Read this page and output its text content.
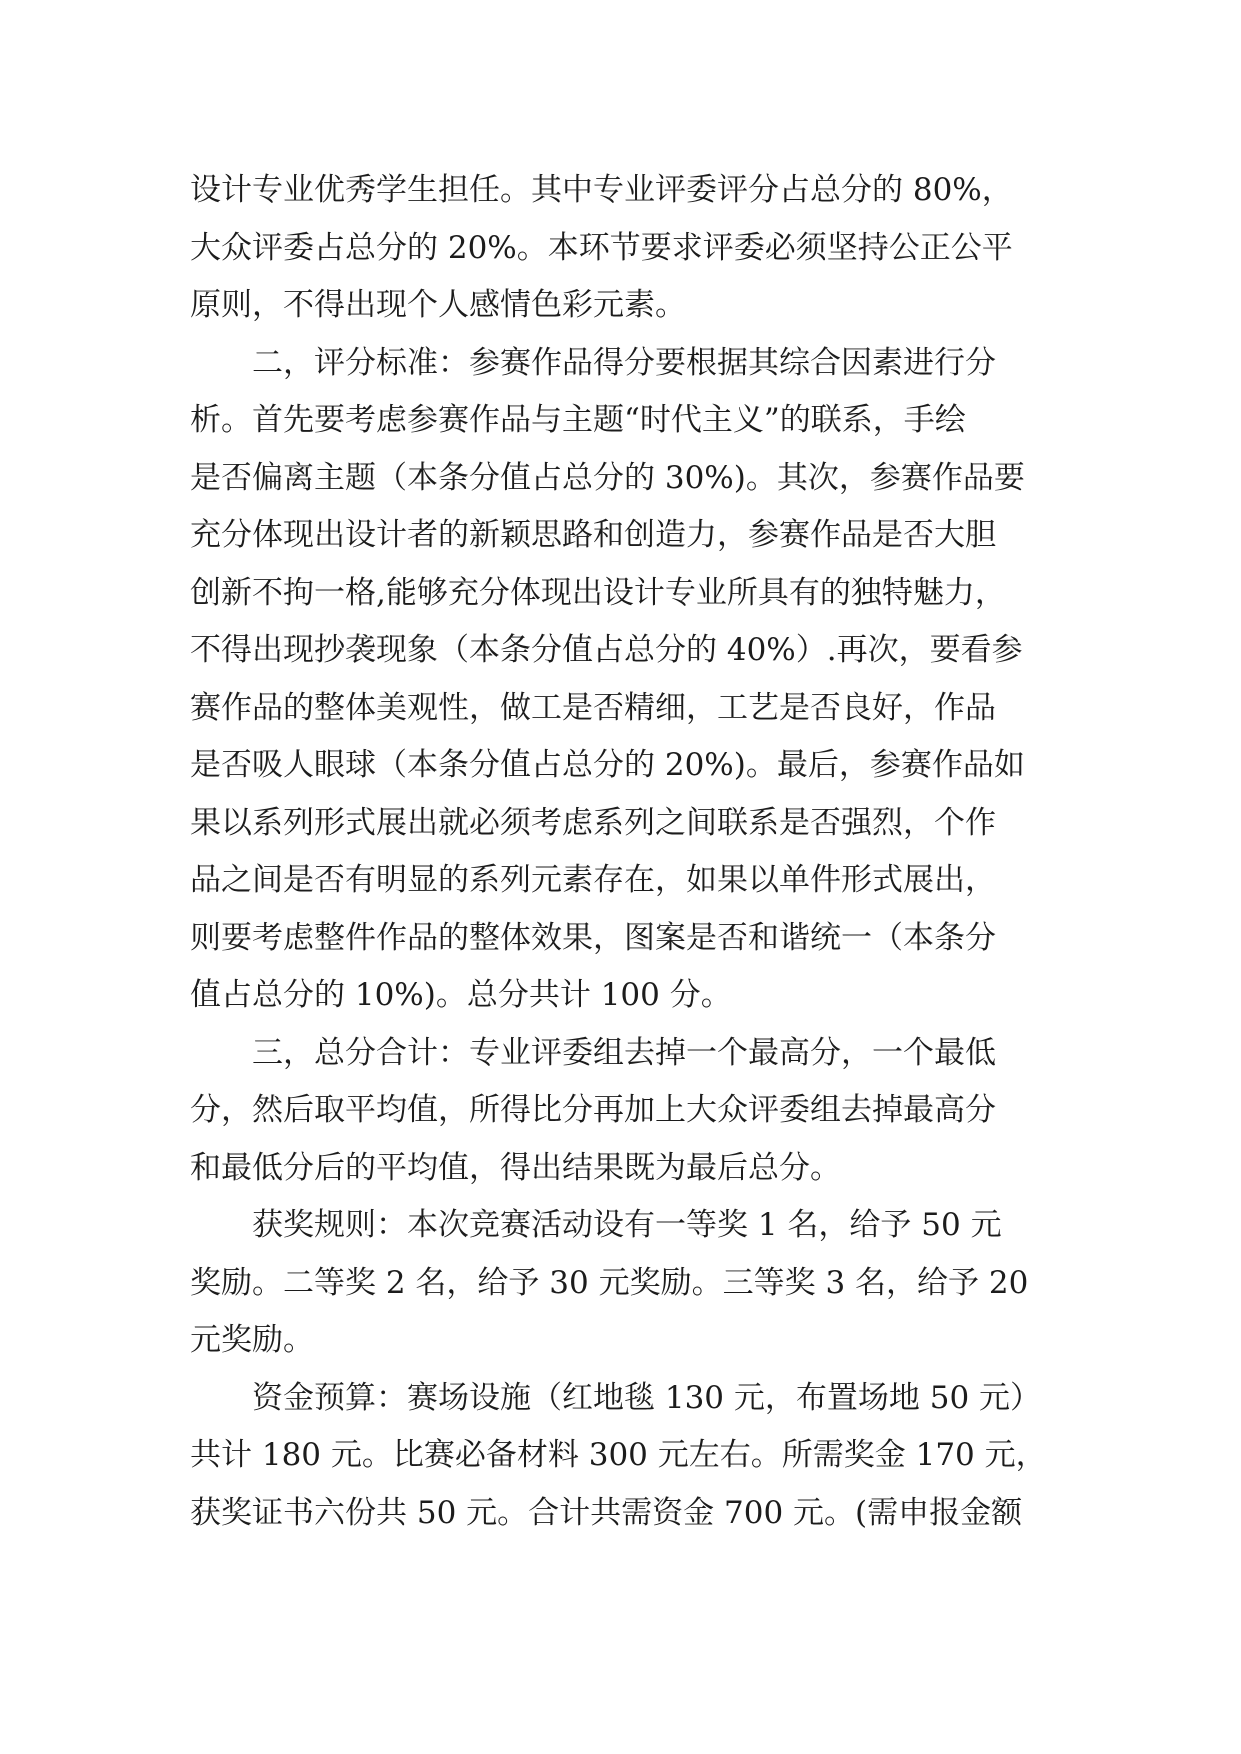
设计专业优秀学生担任。其中专业评委评分占总分的 80%，
大众评委占总分的 20%。本环节要求评委必须坚持公正公平
原则，不得出现个人感情色彩元素。
二，评分标准：参赛作品得分要根据其综合因素进行分
析。首先要考虑参赛作品与主题“时代主义”的联系，手绘
是否偏离主题（本条分值占总分的 30%)。其次，参赛作品要
充分体现出设计者的新颖思路和创造力，参赛作品是否大胆
创新不拘一格,能够充分体现出设计专业所具有的独特魅力，
不得出现抄袭现象（本条分值占总分的 40%）.再次，要看参
赛作品的整体美观性，做工是否精细，工艺是否良好，作品
是否吸人眼球（本条分值占总分的 20%)。最后，参赛作品如
果以系列形式展出就必须考虑系列之间联系是否强烈，个作
品之间是否有明显的系列元素存在，如果以单件形式展出，
则要考虑整件作品的整体效果，图案是否和谐统一（本条分
值占总分的 10%)。总分共计 100 分。
三，总分合计：专业评委组去掉一个最高分，一个最低
分，然后取平均值，所得比分再加上大众评委组去掉最高分
和最低分后的平均值，得出结果既为最后总分。
获奖规则：本次竞赛活动设有一等奖 1 名，给予 50 元
奖励。二等奖 2 名，给予 30 元奖励。三等奖 3 名，给予 20
元奖励。
资金预算：赛场设施（红地毯 130 元，布置场地 50 元）
共计 180 元。比赛必备材料 300 元左右。所需奖金 170 元，
获奖证书六份共 50 元。合计共需资金 700 元。(需申报金额
